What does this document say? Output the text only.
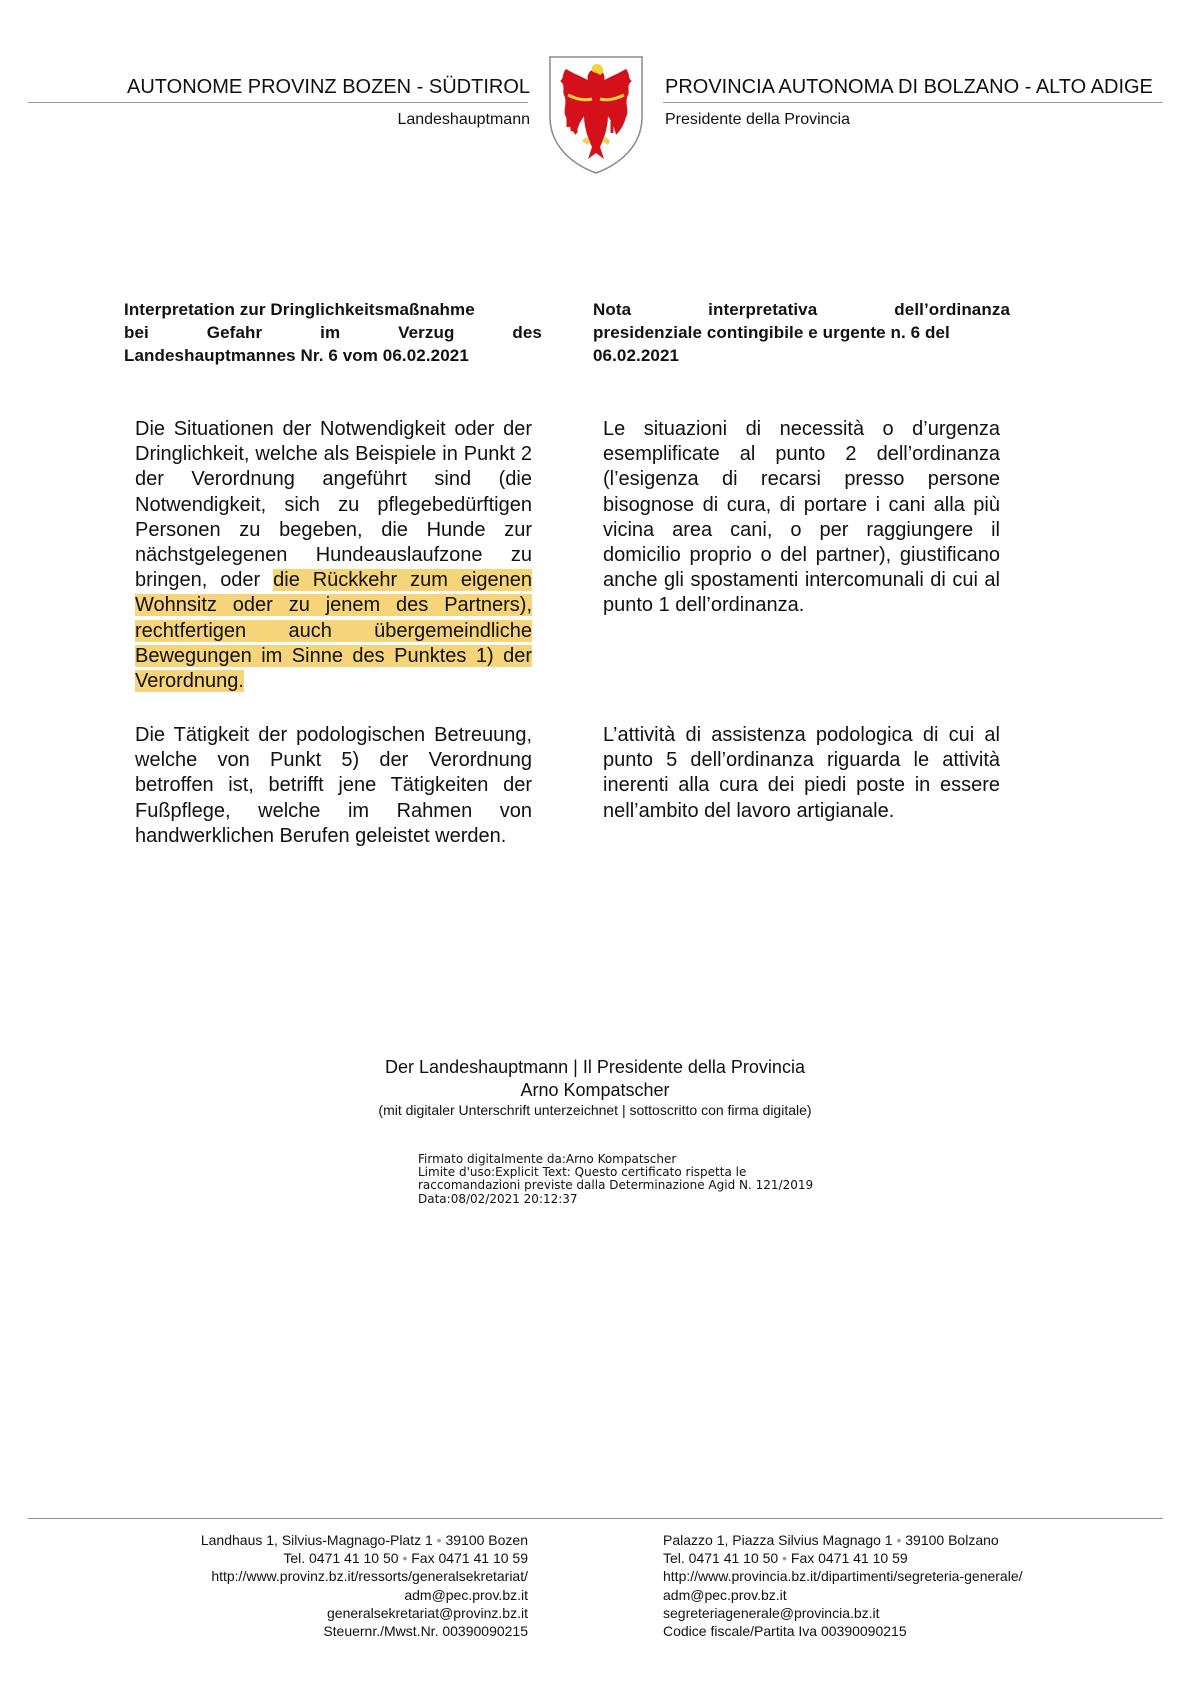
AUTONOME PROVINZ BOZEN - SÜDTIROL
Landeshauptmann
PROVINCIA AUTONOMA DI BOLZANO - ALTO ADIGE
Presidente della Provincia
Interpretation zur Dringlichkeitsmaßnahme
bei Gefahr im Verzug des
Landeshauptmannes Nr. 6 vom 06.02.2021
Nota interpretativa dell’ordinanza
presidenziale contingibile e urgente n. 6 del
06.02.2021
Die Situationen der Notwendigkeit oder der Dringlichkeit, welche als Beispiele in Punkt 2 der Verordnung angeführt sind (die Notwendigkeit, sich zu pflegebedürftigen Personen zu begeben, die Hunde zur nächstgelegenen Hundeauslaufzone zu bringen, oder die Rückkehr zum eigenen Wohnsitz oder zu jenem des Partners), rechtfertigen auch übergemeindliche Bewegungen im Sinne des Punktes 1) der Verordnung.
Le situazioni di necessità o d’urgenza esemplificate al punto 2 dell’ordinanza (l’esigenza di recarsi presso persone bisognose di cura, di portare i cani alla più vicina area cani, o per raggiungere il domicilio proprio o del partner), giustificano anche gli spostamenti intercomunali di cui al punto 1 dell’ordinanza.
Die Tätigkeit der podologischen Betreuung, welche von Punkt 5) der Verordnung betroffen ist, betrifft jene Tätigkeiten der Fußpflege, welche im Rahmen von handwerklichen Berufen geleistet werden.
L’attività di assistenza podologica di cui al punto 5 dell’ordinanza riguarda le attività inerenti alla cura dei piedi poste in essere nell’ambito del lavoro artigianale.
Der Landeshauptmann | Il Presidente della Provincia
Arno Kompatscher
(mit digitaler Unterschrift unterzeichnet | sottoscritto con firma digitale)
Firmato digitalmente da:Arno Kompatscher
Limite d'uso:Explicit Text: Questo certificato rispetta le
raccomandazioni previste dalla Determinazione Agid N. 121/2019
Data:08/02/2021 20:12:37
Landhaus 1, Silvius-Magnago-Platz 1 • 39100 Bozen
Tel. 0471 41 10 50 • Fax 0471 41 10 59
http://www.provinz.bz.it/ressorts/generalsekretariat/
adm@pec.prov.bz.it
generalsekretariat@provinz.bz.it
Steuernr./Mwst.Nr. 00390090215
Palazzo 1, Piazza Silvius Magnago 1 • 39100 Bolzano
Tel. 0471 41 10 50 • Fax 0471 41 10 59
http://www.provincia.bz.it/dipartimenti/segreteria-generale/
adm@pec.prov.bz.it
segreteriagenerale@provincia.bz.it
Codice fiscale/Partita Iva 00390090215
